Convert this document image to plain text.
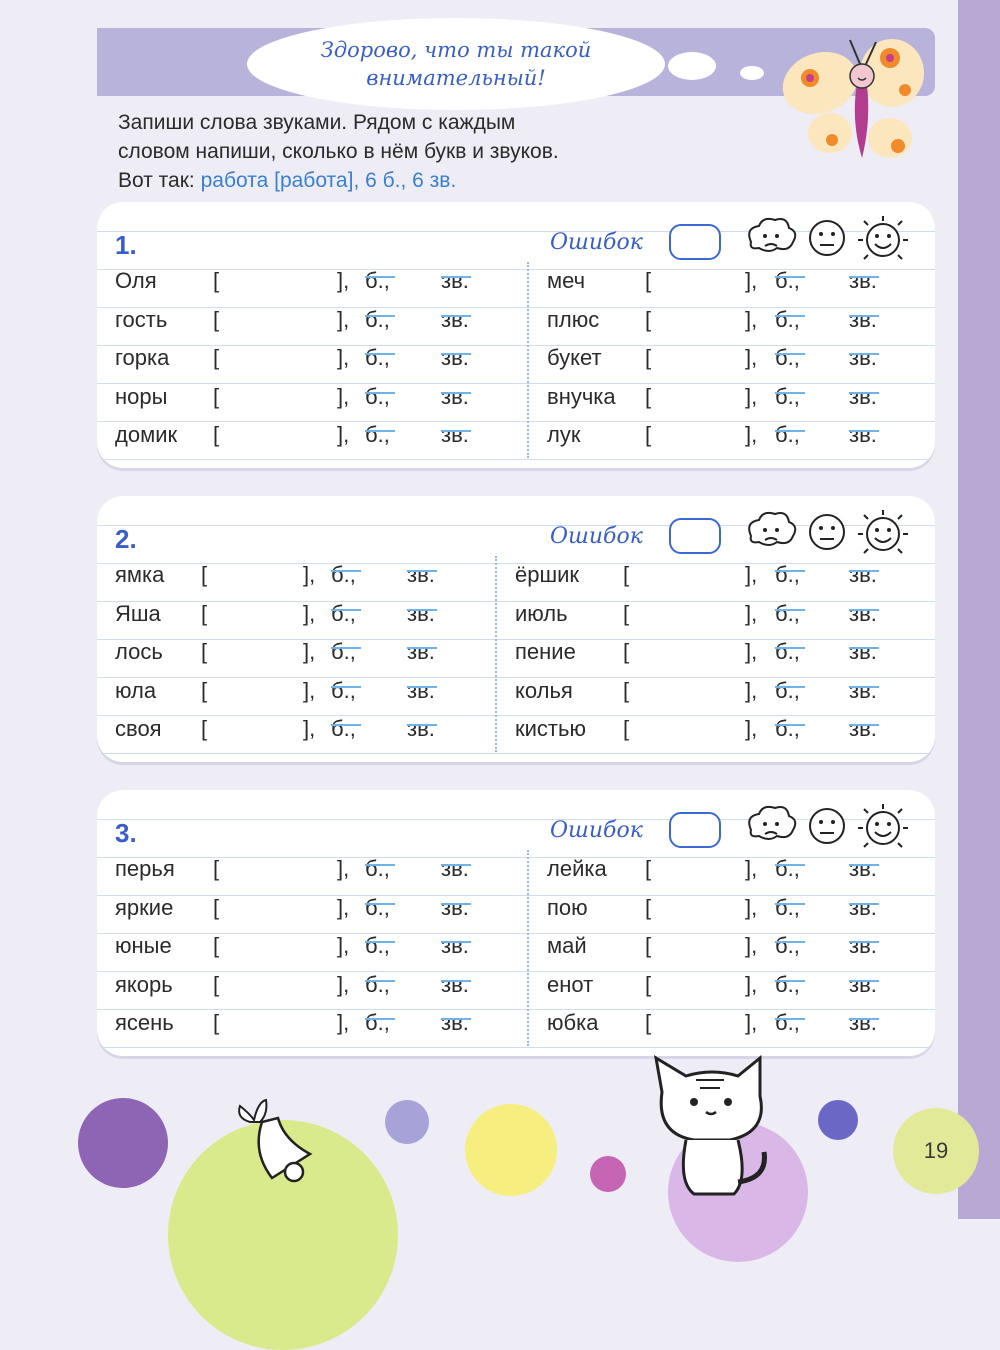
Здорово, что ты такой
внимательный!
Запиши слова звуками. Рядом с каждым
словом напиши, сколько в нём букв и звуков.
Вот так: работа [работа], 6 б., 6 зв.
1.	Ошибок
Оля	[	], б., зв.
гость [	], б., зв.
горка [	], б., зв.
норы [	], б., зв.
домик [	], б., зв.
меч	[	], б., зв.
плюс [	], б., зв.
букет [	], б., зв.
внучка [	], б., зв.
лук	[	], б., зв.
2.	Ошибок
ямка [	], б., зв.
Яша [	], б., зв.
лось [	], б., зв.
юла [	], б., зв.
своя [	], б., зв.
ёршик [	], б., зв.
июль	[	], б., зв.
пение [	], б., зв.
колья [	], б., зв.
кистью [	], б., зв.
3.	Ошибок
перья [	], б., зв.
яркие [	], б., зв.
юные [	], б., зв.
якорь [	], б., зв.
ясень [	], б., зв.
лейка [	], б., зв.
пою	[	], б., зв.
май	[	], б., зв.
енот [	], б., зв.
юбка [	], б., зв.
19
